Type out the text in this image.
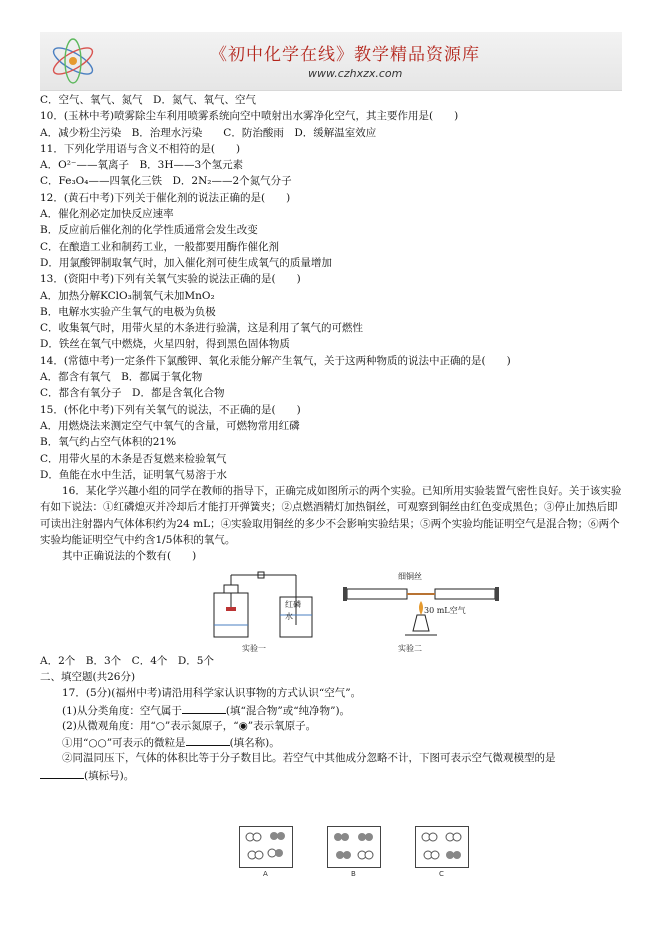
《初中化学在线》教学精品资源库
www.czhxzx.com
C．空气、氧气、氮气　D．氮气、氧气、空气
10．(玉林中考)喷雾除尘车利用喷雾系统向空中喷射出水雾净化空气，其主要作用是(　　)
A．减少粉尘污染　B．治理水污染　　C．防治酸雨　D．缓解温室效应
11．下列化学用语与含义不相符的是(　　)
A．O²⁻——氧离子　B．3H——3个氢元素
C．Fe₃O₄——四氧化三铁　D．2N₂——2个氮气分子
12．(黄石中考)下列关于催化剂的说法正确的是(　　)
A．催化剂必定加快反应速率
B．反应前后催化剂的化学性质通常会发生改变
C．在酿造工业和制药工业，一般都要用酶作催化剂
D．用氯酸钾制取氧气时，加入催化剂可使生成氧气的质量增加
13．(资阳中考)下列有关氧气实验的说法正确的是(　　)
A．加热分解KClO₃制氧气未加MnO₂
B．电解水实验产生氧气的电极为负极
C．收集氧气时，用带火星的木条进行验满，这是利用了氧气的可燃性
D．铁丝在氧气中燃烧，火星四射，得到黑色固体物质
14．(常德中考)一定条件下氯酸钾、氧化汞能分解产生氧气，关于这两种物质的说法中正确的是(　　)
A．都含有氧气　B．都属于氧化物
C．都含有氧分子　D．都是含氧化合物
15．(怀化中考)下列有关氧气的说法，不正确的是(　　)
A．用燃烧法来测定空气中氧气的含量，可燃物常用红磷
B．氧气约占空气体积的21%
C．用带火星的木条是否复燃来检验氧气
D．鱼能在水中生活，证明氧气易溶于水
16．某化学兴趣小组的同学在教师的指导下，正确完成如图所示的两个实验。已知所用实验装置气密性良好。关于该实验有如下说法：①红磷熄灭并冷却后才能打开弹簧夹；②点燃酒精灯加热铜丝，可观察到铜丝由红色变成黑色；③停止加热后即可读出注射器内气体体积约为24 mL；④实验取用铜丝的多少不会影响实验结果；⑤两个实验均能证明空气是混合物；⑥两个实验均能证明空气中约含1/5体积的氧气。
其中正确说法的个数有(　　)
红磷
水
实验一
细铜丝
30 mL空气
实验二
A．2个　B．3个　C．4个　D．5个
二、填空题(共26分)
17．(5分)(福州中考)请沿用科学家认识事物的方式认识“空气”。
(1)从分类角度：空气属于	(填“混合物”或“纯净物”)。
(2)从微观角度：用“○”表示氮原子，“◉”表示氧原子。
①用“○○”可表示的微粒是	(填名称)。
②同温同压下，气体的体积比等于分子数目比。若空气中其他成分忽略不计，下图可表示空气微观模型的是
(填标号)。
A	B	C
